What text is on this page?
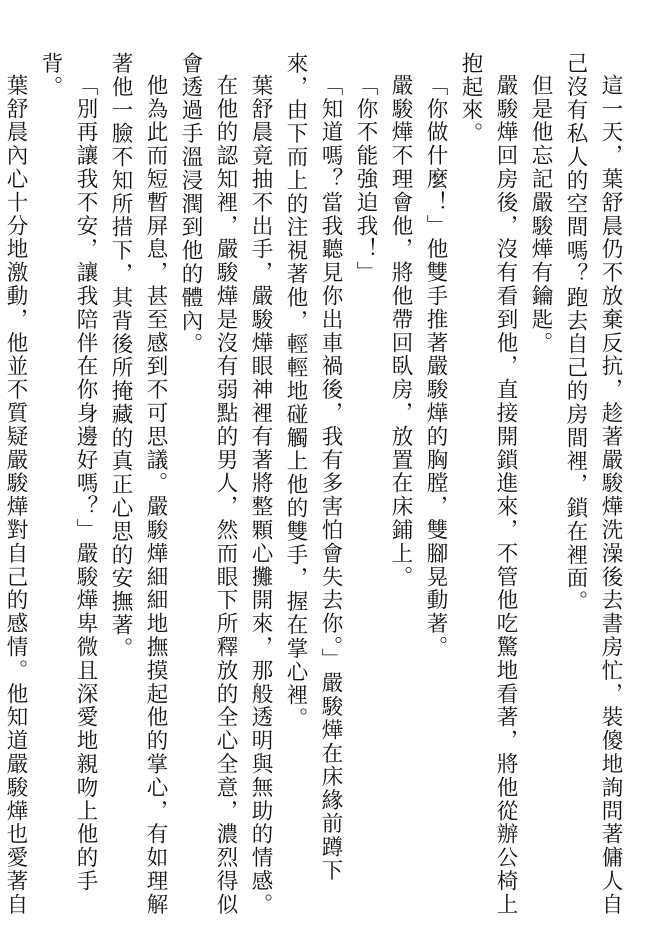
這一天，葉舒晨仍不放棄反抗，趁著嚴駿燁洗澡後去書房忙，裝傻地詢問著傭人自己沒有私人的空間嗎？跑去自己的房間裡，鎖在裡面。

但是他忘記嚴駿燁有鑰匙。

嚴駿燁回房後，沒有看到他，直接開鎖進來，不管他吃驚地看著，將他從辦公椅上抱起來。

「你做什麼！」他雙手推著嚴駿燁的胸膛，雙腳晃動著。

嚴駿燁不理會他，將他帶回臥房，放置在床鋪上。

「你不能強迫我！」

「知道嗎？當我聽見你出車禍後，我有多害怕會失去你。」嚴駿燁在床緣前蹲下來，由下而上的注視著他，輕輕地碰觸上他的雙手，握在掌心裡。

葉舒晨竟抽不出手，嚴駿燁眼神裡有著將整顆心攤開來，那般透明與無助的情感。

在他的認知裡，嚴駿燁是沒有弱點的男人，然而眼下所釋放的全心全意，濃烈得似會透過手溫浸潤到他的體內。

他為此而短暫屏息，甚至感到不可思議。嚴駿燁細細地撫摸起他的掌心，有如理解著他一臉不知所措下，其背後所掩藏的真正心思的安撫著。

「別再讓我不安，讓我陪伴在你身邊好嗎？」嚴駿燁卑微且深愛地親吻上他的手背。

葉舒晨內心十分地激動，他並不質疑嚴駿燁對自己的感情。他知道嚴駿燁也愛著自
